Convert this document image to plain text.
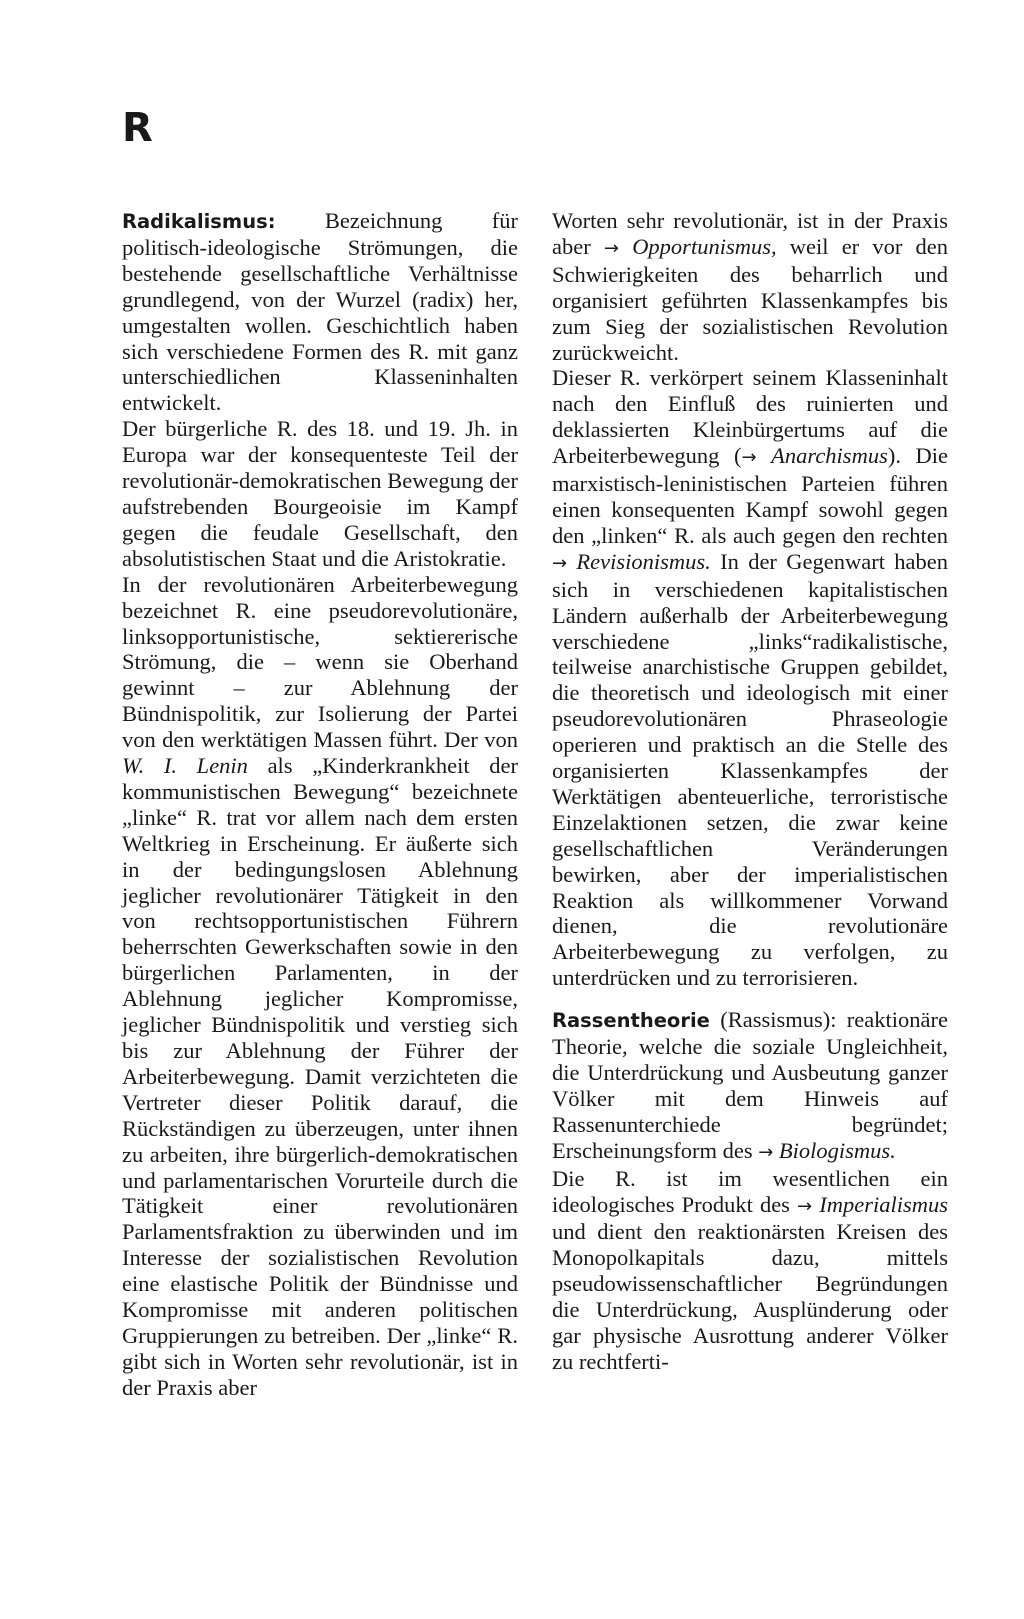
R

Radikalismus: Bezeichnung für politisch-ideologische Strömungen, die bestehende gesellschaftliche Verhältnisse grundlegend, von der Wurzel (radix) her, umgestalten wollen. Geschichtlich haben sich verschiedene Formen des R. mit ganz unterschiedlichen Klasseninhalten entwickelt.

Der bürgerliche R. des 18. und 19. Jh. in Europa war der konsequenteste Teil der revolutionär-demokratischen Bewegung der aufstrebenden Bourgeoisie im Kampf gegen die feudale Gesellschaft, den absolutistischen Staat und die Aristokratie.

In der revolutionären Arbeiterbewegung bezeichnet R. eine pseudorevolutionäre, linksopportunistische, sektiererische Strömung, die – wenn sie Oberhand gewinnt – zur Ablehnung der Bündnispolitik, zur Isolierung der Partei von den werktätigen Massen führt. Der von W. I. Lenin als „Kinderkrankheit der kommunistischen Bewegung“ bezeichnete „linke“ R. trat vor allem nach dem ersten Weltkrieg in Erscheinung. Er äußerte sich in der bedingungslosen Ablehnung jeglicher revolutionärer Tätigkeit in den von rechtsopportunistischen Führern beherrschten Gewerkschaften sowie in den bürgerlichen Parlamenten, in der Ablehnung jeglicher Kompromisse, jeglicher Bündnispolitik und verstieg sich bis zur Ablehnung der Führer der Arbeiterbewegung. Damit verzichteten die Vertreter dieser Politik darauf, die Rückständigen zu überzeugen, unter ihnen zu arbeiten, ihre bürgerlich-demokratischen und parlamentarischen Vorurteile durch die Tätigkeit einer revolutionären Parlamentsfraktion zu überwinden und im Interesse der sozialistischen Revolution eine elastische Politik der Bündnisse und Kompromisse mit anderen politischen Gruppierungen zu betreiben. Der „linke“ R. gibt sich in Worten sehr revolutionär, ist in der Praxis aber

Worten sehr revolutionär, ist in der Praxis aber → Opportunismus, weil er vor den Schwierigkeiten des beharrlich und organisiert geführten Klassenkampfes bis zum Sieg der sozialistischen Revolution zurückweicht.

Dieser R. verkörpert seinem Klasseninhalt nach den Einfluß des ruinierten und deklassierten Kleinbürgertums auf die Arbeiterbewegung (→ Anarchismus). Die marxistisch-leninistischen Parteien führen einen konsequenten Kampf sowohl gegen den „linken“ R. als auch gegen den rechten → Revisionismus. In der Gegenwart haben sich in verschiedenen kapitalistischen Ländern außerhalb der Arbeiterbewegung verschiedene „links“radikalistische, teilweise anarchistische Gruppen gebildet, die theoretisch und ideologisch mit einer pseudorevolutionären Phraseologie operieren und praktisch an die Stelle des organisierten Klassenkampfes der Werktätigen abenteuerliche, terroristische Einzelaktionen setzen, die zwar keine gesellschaftlichen Veränderungen bewirken, aber der imperialistischen Reaktion als willkommener Vorwand dienen, die revolutionäre Arbeiterbewegung zu verfolgen, zu unterdrücken und zu terrorisieren.

Rassentheorie (Rassismus): reaktionäre Theorie, welche die soziale Ungleichheit, die Unterdrückung und Ausbeutung ganzer Völker mit dem Hinweis auf Rassenunterchiede begründet; Erscheinungsform des → Biologismus.

Die R. ist im wesentlichen ein ideologisches Produkt des → Imperialismus und dient den reaktionärsten Kreisen des Monopolkapitals dazu, mittels pseudowissenschaftlicher Begründungen die Unterdrückung, Ausplünderung oder gar physische Ausrottung anderer Völker zu rechtferti-
